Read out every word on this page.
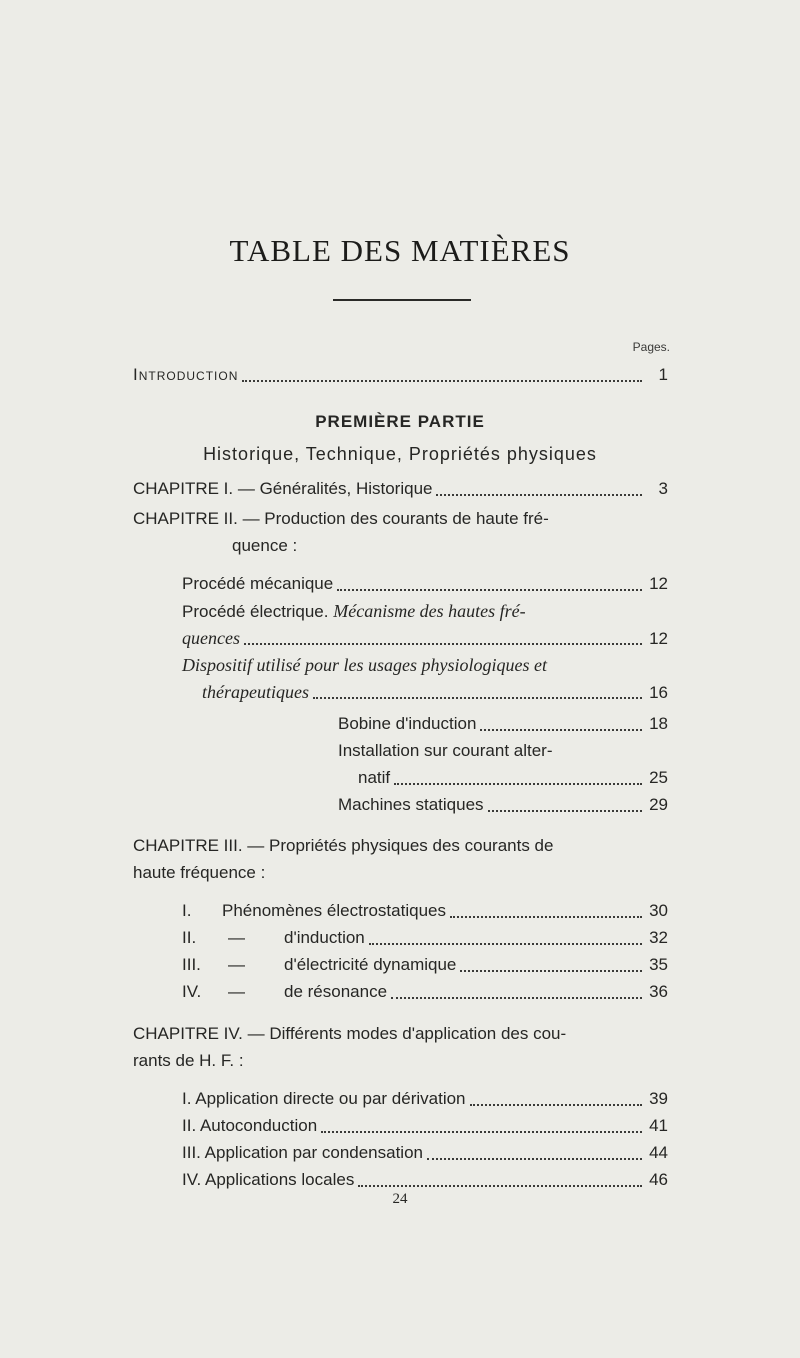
TABLE DES MATIÈRES
Pages.
Introduction	1
PREMIÈRE PARTIE
Historique, Technique, Propriétés physiques
CHAPITRE I. — Généralités, Historique	3
CHAPITRE II. — Production des courants de haute fré-
quence :
Procédé mécanique	12
Procédé électrique. Mécanisme des hautes fré-
quences	12
Dispositif utilisé pour les usages physiologiques et
thérapeutiques	16
Bobine d'induction	18
Installation sur courant alter-
natif	25
Machines statiques	29
CHAPITRE III. — Propriétés physiques des courants de
haute fréquence :
I.	Phénomènes électrostatiques	30
II.	—	d'induction	32
III.	—	d'électricité dynamique	35
IV.	—	de résonance	36
CHAPITRE IV. — Différents modes d'application des cou-
rants de H. F. :
I. Application directe ou par dérivation	39
II. Autoconduction	41
III. Application par condensation	44
IV. Applications locales	46
24
